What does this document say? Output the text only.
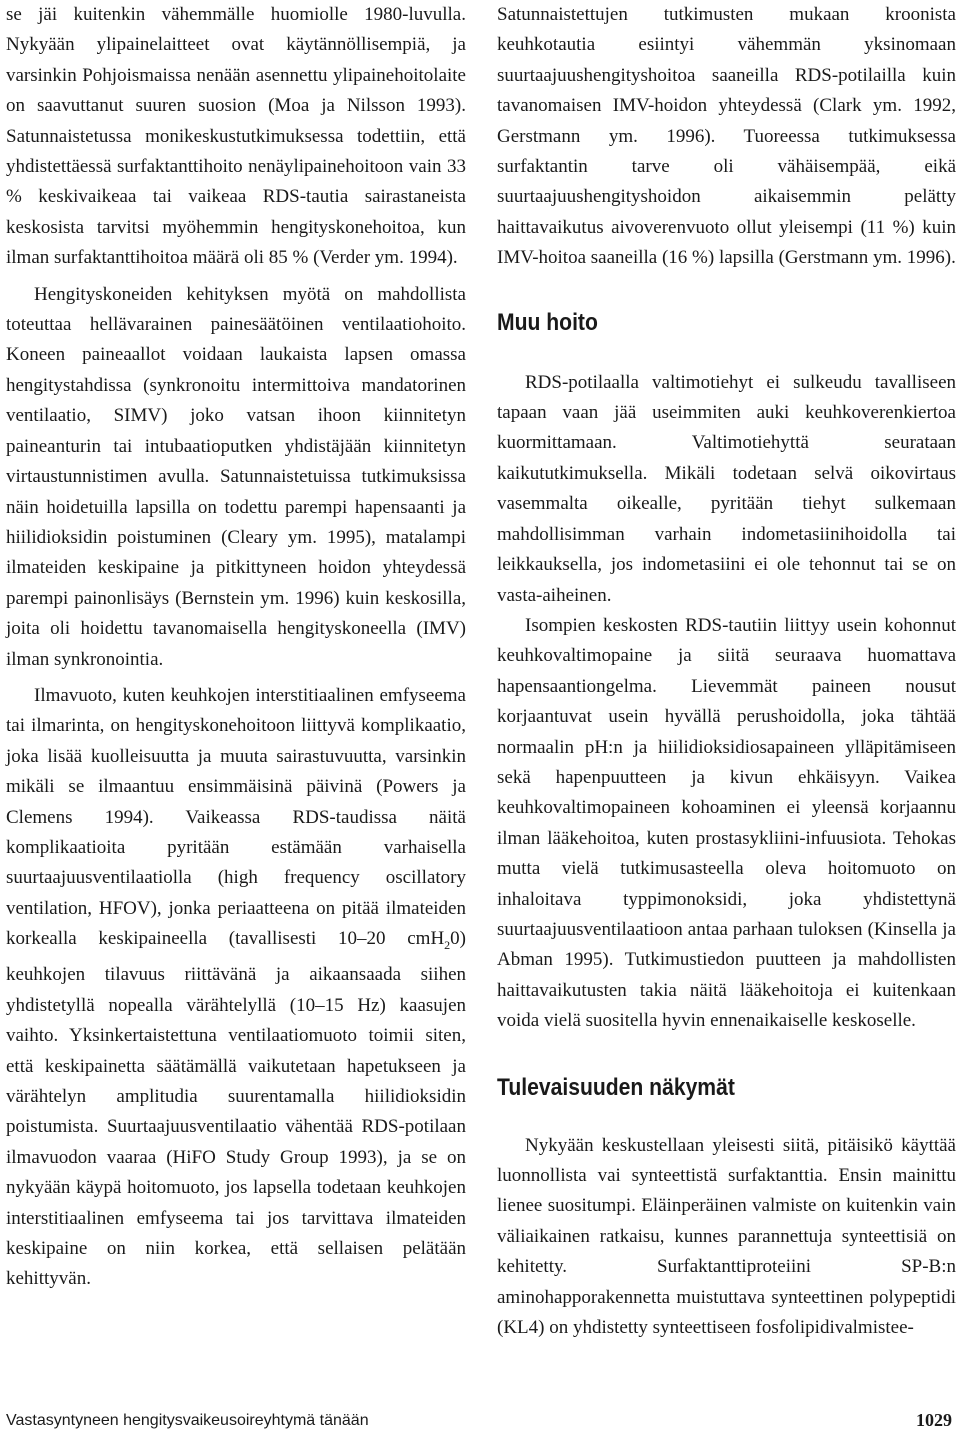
se jäi kuitenkin vähemmälle huomiolle 1980-luvulla. Nykyään ylipainelaitteet ovat käytännöllisempiä, ja varsinkin Pohjoismaissa nenään asennettu ylipainehoitolaite on saavuttanut suuren suosion (Moa ja Nilsson 1993). Satunnaistetussa monikeskustutkimuksessa todettiin, että yhdistettäessä surfaktanttihoito nenäylipainehoitoon vain 33 % keskivaikeaa tai vaikeaa RDS-tautia sairastaneista keskosista tarvitsi myöhemmin hengityskonehoitoa, kun ilman surfaktanttihoitoa määrä oli 85 % (Verder ym. 1994).

Hengityskoneiden kehityksen myötä on mahdollista toteuttaa hellävarainen painesäätöinen ventilaatiohoito. Koneen paineaallot voidaan laukaista lapsen omassa hengitystahdissa (synkronoitu intermittoiva mandatorinen ventilaatio, SIMV) joko vatsan ihoon kiinnitetyn paineanturin tai intubaatioputken yhdistäjään kiinnitetyn virtaustunnistimen avulla. Satunnaistetuissa tutkimuksissa näin hoidetuilla lapsilla on todettu parempi hapensaanti ja hiilidioksidin poistuminen (Cleary ym. 1995), matalampi ilmateiden keskipaine ja pitkittyneen hoidon yhteydessä parempi painonlisäys (Bernstein ym. 1996) kuin keskosilla, joita oli hoidettu tavanomaisella hengityskoneella (IMV) ilman synkronointia.

Ilmavuoto, kuten keuhkojen interstitiaalinen emfyseema tai ilmarinta, on hengityskonehoitoon liittyvä komplikaatio, joka lisää kuolleisuutta ja muuta sairastuvuutta, varsinkin mikäli se ilmaantuu ensimmäisinä päivinä (Powers ja Clemens 1994). Vaikeassa RDS-taudissa näitä komplikaatioita pyritään estämään varhaisella suurtaajuusventilaatiolla (high frequency oscillatory ventilation, HFOV), jonka periaatteena on pitää ilmateiden korkealla keskipaineella (tavallisesti 10–20 cmH$_2$0) keuhkojen tilavuus riittävänä ja aikaansaada siihen yhdistetyllä nopealla värähtelyllä (10–15 Hz) kaasujen vaihto. Yksinkertaistettuna ventilaatiomuoto toimii siten, että keskipainetta säätämällä vaikutetaan hapetukseen ja värähtelyn amplitudia suurentamalla hiilidioksidin poistumista. Suurtaajuusventilaatio vähentää RDS-potilaan ilmavuodon vaaraa (HiFO Study Group 1993), ja se on nykyään käypä hoitomuoto, jos lapsella todetaan keuhkojen interstitiaalinen emfyseema tai jos tarvittava ilmateiden keskipaine on niin korkea, että sellaisen pelätään kehittyvän.

Satunnaistettujen tutkimusten mukaan kroonista keuhkotautia esiintyi vähemmän yksinomaan suurtaajuushengityshoitoa saaneilla RDS-potilailla kuin tavanomaisen IMV-hoidon yhteydessä (Clark ym. 1992, Gerstmann ym. 1996). Tuoreessa tutkimuksessa surfaktantin tarve oli vähäisempää, eikä suurtaajuushengityshoidon aikaisemmin pelätty haittavaikutus aivoverenvuoto ollut yleisempi (11 %) kuin IMV-hoitoa saaneilla (16 %) lapsilla (Gerstmann ym. 1996).

Muu hoito

RDS-potilaalla valtimotiehyt ei sulkeudu tavalliseen tapaan vaan jää useimmiten auki keuhkoverenkiertoa kuormittamaan. Valtimotiehyttä seurataan kaikututkimuksella. Mikäli todetaan selvä oikovirtaus vasemmalta oikealle, pyritään tiehyt sulkemaan mahdollisimman varhain indometasiinihoidolla tai leikkauksella, jos indometasiini ei ole tehonnut tai se on vasta-aiheinen.

Isompien keskosten RDS-tautiin liittyy usein kohonnut keuhkovaltimopaine ja siitä seuraava huomattava hapensaantiongelma. Lievemmät paineen nousut korjaantuvat usein hyvällä perushoidolla, joka tähtää normaalin pH:n ja hiilidioksidiosapaineen ylläpitämiseen sekä hapenpuutteen ja kivun ehkäisyyn. Vaikea keuhkovaltimopaineen kohoaminen ei yleensä korjaannu ilman lääkehoitoa, kuten prostasykliini-infuusiota. Tehokas mutta vielä tutkimusasteella oleva hoitomuoto on inhaloitava typpimonoksidi, joka yhdistettynä suurtaajuusventilaatioon antaa parhaan tuloksen (Kinsella ja Abman 1995). Tutkimustiedon puutteen ja mahdollisten haittavaikutusten takia näitä lääkehoitoja ei kuitenkaan voida vielä suositella hyvin ennenaikaiselle keskoselle.

Tulevaisuuden näkymät

Nykyään keskustellaan yleisesti siitä, pitäisikö käyttää luonnollista vai synteettistä surfaktanttia. Ensin mainittu lienee suositumpi. Eläinperäinen valmiste on kuitenkin vain väliaikainen ratkaisu, kunnes parannettuja synteettisiä on kehitetty. Surfaktanttiproteiini SP-B:n aminohapporakennetta muistuttava synteettinen polypeptidi (KL4) on yhdistetty synteettiseen fosfolipidivalmistee-

Vastasyntyneen hengitysvaikeusoireyhtymä tänään	1029
